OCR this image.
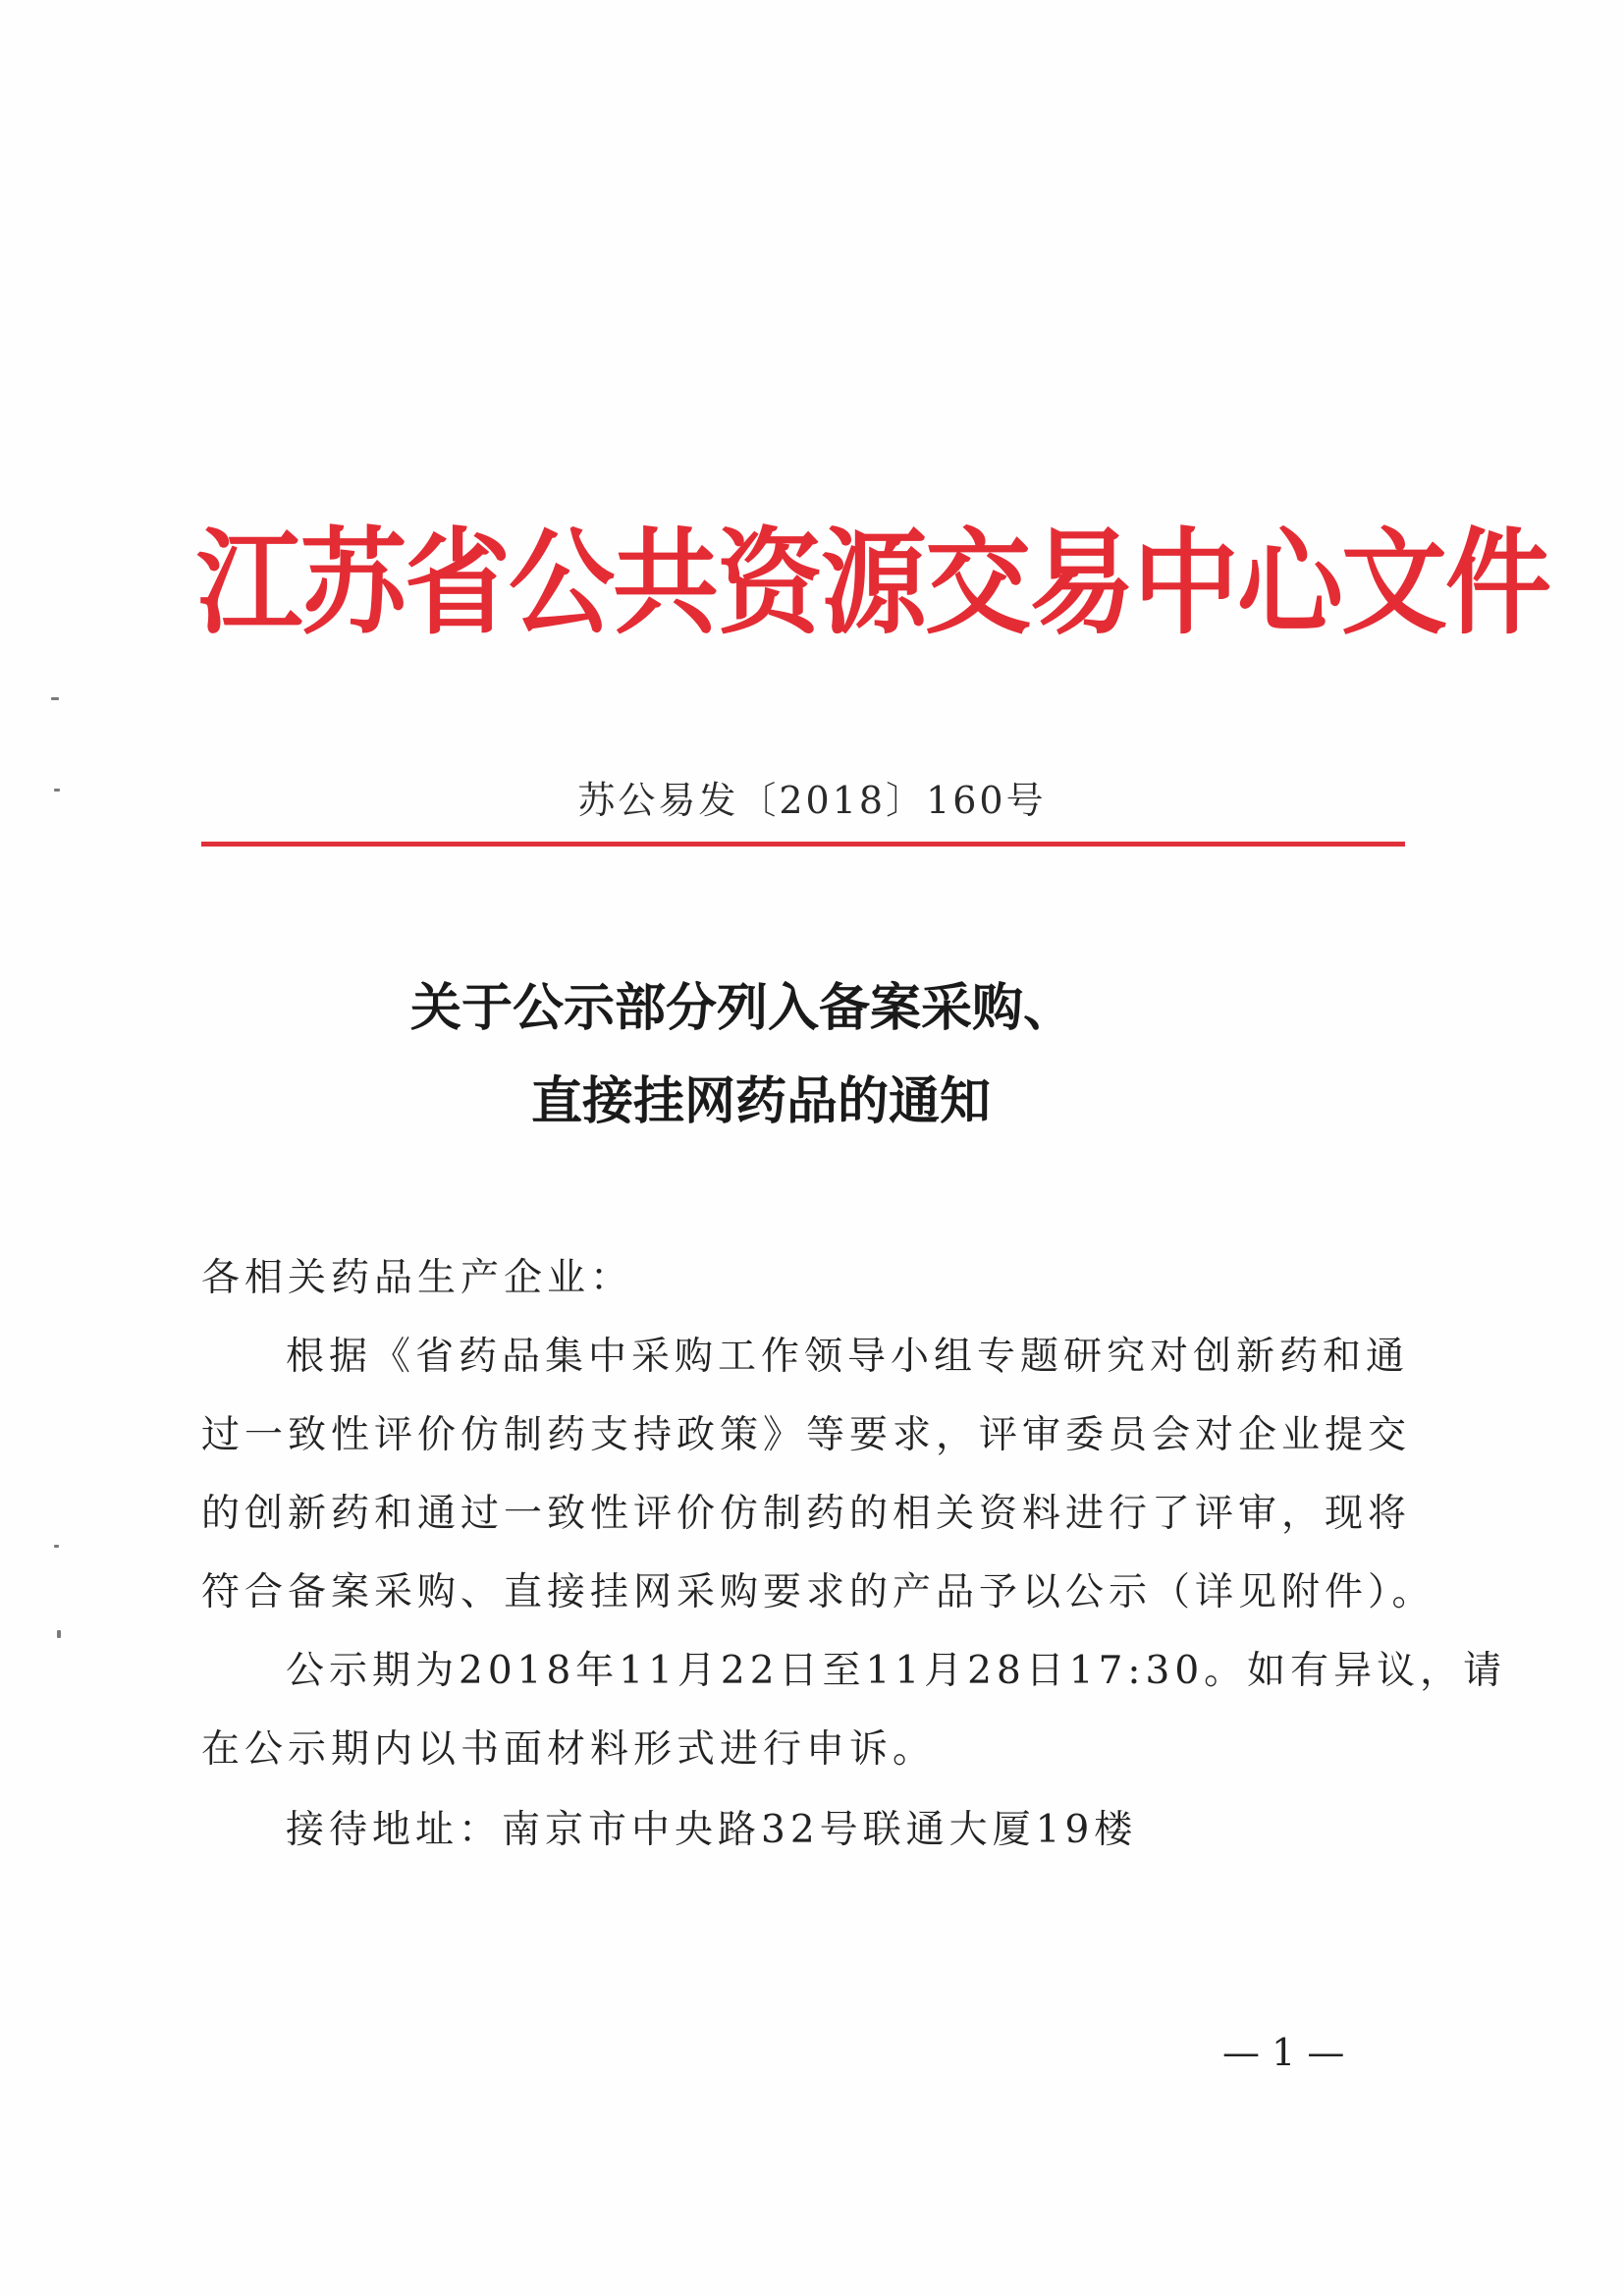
江苏省公共资源交易中心文件
苏公易发〔2018〕160号
关于公示部分列入备案采购、
直接挂网药品的通知
各相关药品生产企业：
根据《省药品集中采购工作领导小组专题研究对创新药和通
过一致性评价仿制药支持政策》等要求，评审委员会对企业提交
的创新药和通过一致性评价仿制药的相关资料进行了评审，现将
符合备案采购、直接挂网采购要求的产品予以公示（详见附件）。
公示期为2018年11月22日至11月28日17:30。如有异议，请
在公示期内以书面材料形式进行申诉。
接待地址：南京市中央路32号联通大厦19楼
— 1 —
